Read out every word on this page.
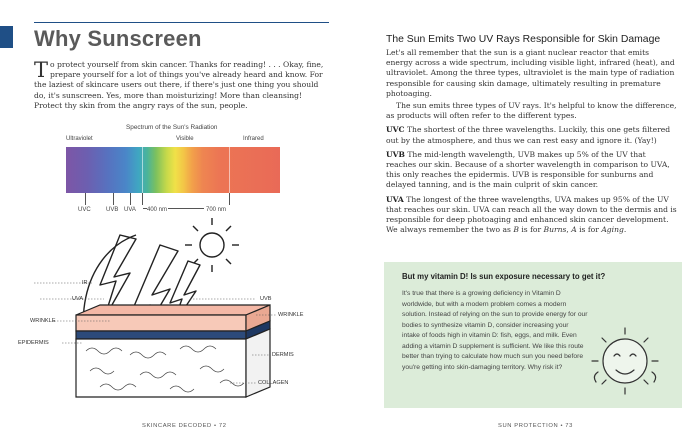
Why Sunscreen
To protect yourself from skin cancer. Thanks for reading! . . . Okay, fine, prepare yourself for a lot of things you've already heard and know. For the laziest of skincare users out there, if there's just one thing you should do, it's sunscreen. Yes, more than moisturizing! More than cleansing! Protect thy skin from the angry rays of the sun, people.
Spectrum of the Sun's Radiation
Ultraviolet	Visible	Infrared
UVC	UVB UVA 400 nm	700 nm
IR
UVA	UVB
WRINKLE
WRINKLE
EPIDERMIS
DERMIS
COLLAGEN
SKINCARE DECODED • 72
The Sun Emits Two UV Rays Responsible for Skin Damage

Let's all remember that the sun is a giant nuclear reactor that emits energy across a wide spectrum, including visible light, infrared (heat), and ultraviolet. Among the three types, ultraviolet is the main type of radiation responsible for causing skin damage, ultimately resulting in premature photoaging.

The sun emits three types of UV rays. It's helpful to know the difference, as products will often refer to the different types.

UVC The shortest of the three wavelengths. Luckily, this one gets filtered out by the atmosphere, and thus we can rest easy and ignore it. (Yay!)

UVB The mid-length wavelength, UVB makes up 5% of the UV that reaches our skin. Because of a shorter wavelength in comparison to UVA, this only reaches the epidermis. UVB is responsible for sunburns and delayed tanning, and is the main culprit of skin cancer.

UVA The longest of the three wavelengths, UVA makes up 95% of the UV that reaches our skin. UVA can reach all the way down to the dermis and is responsible for deep photoaging and enhanced skin cancer development. We always remember the two as B is for Burns, A is for Aging.

But my vitamin D! Is sun exposure necessary to get it?
It's true that there is a growing deficiency in Vitamin D worldwide, but with a modern problem comes a modern solution. Instead of relying on the sun to provide energy for our bodies to synthesize vitamin D, consider increasing your intake of foods high in vitamin D: fish, eggs, and milk. Even adding a vitamin D supplement is sufficient. We like this route better than trying to calculate how much sun you need before you're getting into skin-damaging territory. Why risk it?
SUN PROTECTION • 73
